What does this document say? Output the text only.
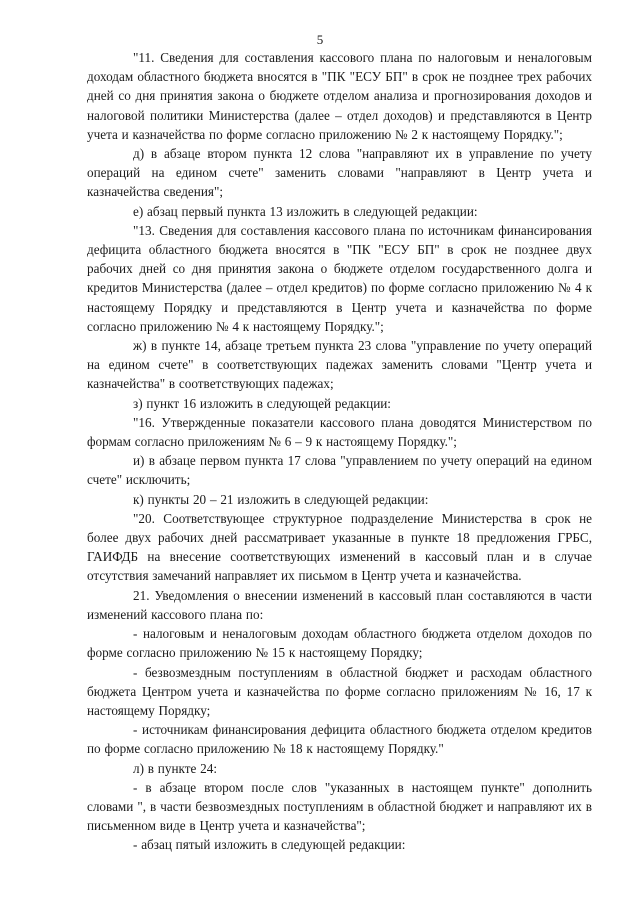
5

"11. Сведения для составления кассового плана по налоговым и неналоговым доходам областного бюджета вносятся в "ПК "ЕСУ БП" в срок не позднее трех рабочих дней со дня принятия закона о бюджете отделом анализа и прогнозирования доходов и налоговой политики Министерства (далее – отдел доходов) и представляются в Центр учета и казначейства по форме согласно приложению № 2 к настоящему Порядку.";

д) в абзаце втором пункта 12 слова "направляют их в управление по учету операций на едином счете" заменить словами "направляют в Центр учета и казначейства сведения";

е) абзац первый пункта 13 изложить в следующей редакции:

"13. Сведения для составления кассового плана по источникам финансирования дефицита областного бюджета вносятся в "ПК "ЕСУ БП" в срок не позднее двух рабочих дней со дня принятия закона о бюджете отделом государственного долга и кредитов Министерства (далее – отдел кредитов) по форме согласно приложению № 4 к настоящему Порядку и представляются в Центр учета и казначейства по форме согласно приложению № 4 к настоящему Порядку.";

ж) в пункте 14, абзаце третьем пункта 23 слова "управление по учету операций на едином счете" в соответствующих падежах заменить словами "Центр учета и казначейства" в соответствующих падежах;

з) пункт 16 изложить в следующей редакции:

"16. Утвержденные показатели кассового плана доводятся Министерством по формам согласно приложениям № 6 – 9 к настоящему Порядку.";

и) в абзаце первом пункта 17 слова "управлением по учету операций на едином счете" исключить;

к) пункты 20 – 21 изложить в следующей редакции:

"20. Соответствующее структурное подразделение Министерства в срок не более двух рабочих дней рассматривает указанные в пункте 18 предложения ГРБС, ГАИФДБ на внесение соответствующих изменений в кассовый план и в случае отсутствия замечаний направляет их письмом в Центр учета и казначейства.

21. Уведомления о внесении изменений в кассовый план составляются в части изменений кассового плана по:

- налоговым и неналоговым доходам областного бюджета отделом доходов по форме согласно приложению № 15 к настоящему Порядку;

- безвозмездным поступлениям в областной бюджет и расходам областного бюджета Центром учета и казначейства по форме согласно приложениям № 16, 17 к настоящему Порядку;

- источникам финансирования дефицита областного бюджета отделом кредитов по форме согласно приложению № 18 к настоящему Порядку."

л) в пункте 24:

- в абзаце втором после слов "указанных в настоящем пункте" дополнить словами ", в части безвозмездных поступлениям в областной бюджет и направляют их в письменном виде в Центр учета и казначейства";

- абзац пятый изложить в следующей редакции:
